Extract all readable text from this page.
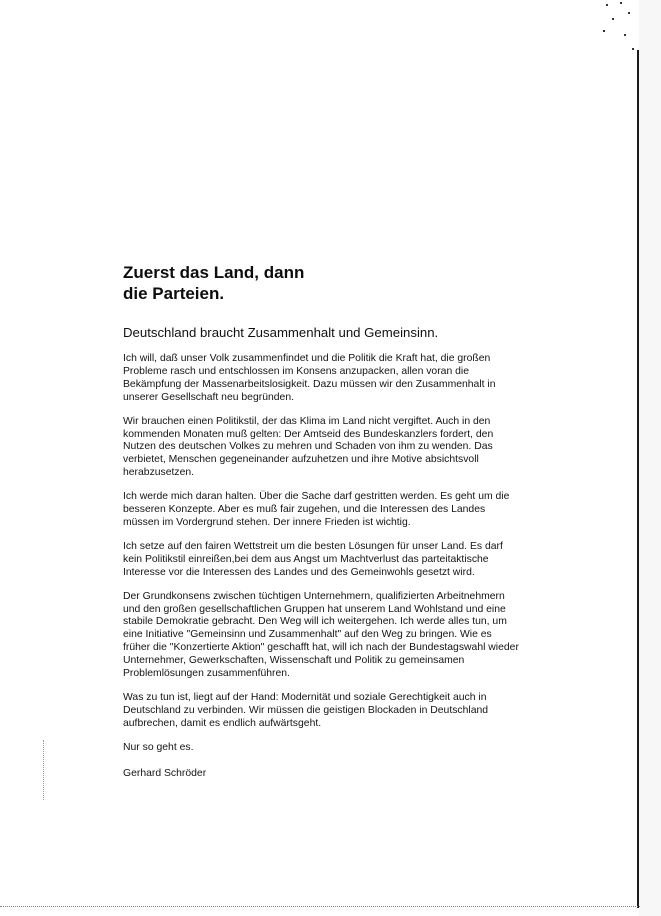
Zuerst das Land, dann
die Parteien.

Deutschland braucht Zusammenhalt und Gemeinsinn.

Ich will, daß unser Volk zusammenfindet und die Politik die Kraft hat, die großen
Probleme rasch und entschlossen im Konsens anzupacken, allen voran die
Bekämpfung der Massenarbeitslosigkeit. Dazu müssen wir den Zusammenhalt in
unserer Gesellschaft neu begründen.

Wir brauchen einen Politikstil, der das Klima im Land nicht vergiftet. Auch in den
kommenden Monaten muß gelten: Der Amtseid des Bundeskanzlers fordert, den
Nutzen des deutschen Volkes zu mehren und Schaden von ihm zu wenden. Das
verbietet, Menschen gegeneinander aufzuhetzen und ihre Motive absichtsvoll
herabzusetzen.

Ich werde mich daran halten. Über die Sache darf gestritten werden. Es geht um die
besseren Konzepte. Aber es muß fair zugehen, und die Interessen des Landes
müssen im Vordergrund stehen. Der innere Frieden ist wichtig.

Ich setze auf den fairen Wettstreit um die besten Lösungen für unser Land. Es darf
kein Politikstil einreißen,bei dem aus Angst um Machtverlust das parteitaktische
Interesse vor die Interessen des Landes und des Gemeinwohls gesetzt wird.

Der Grundkonsens zwischen tüchtigen Unternehmern, qualifizierten Arbeitnehmern
und den großen gesellschaftlichen Gruppen hat unserem Land Wohlstand und eine
stabile Demokratie gebracht. Den Weg will ich weitergehen. Ich werde alles tun, um
eine Initiative "Gemeinsinn und Zusammenhalt" auf den Weg zu bringen. Wie es
früher die "Konzertierte Aktion" geschafft hat, will ich nach der Bundestagswahl wieder
Unternehmer, Gewerkschaften, Wissenschaft und Politik zu gemeinsamen
Problemlösungen zusammenführen.

Was zu tun ist, liegt auf der Hand: Modernität und soziale Gerechtigkeit auch in
Deutschland zu verbinden. Wir müssen die geistigen Blockaden in Deutschland
aufbrechen, damit es endlich aufwärtsgeht.

Nur so geht es.

Gerhard Schröder
